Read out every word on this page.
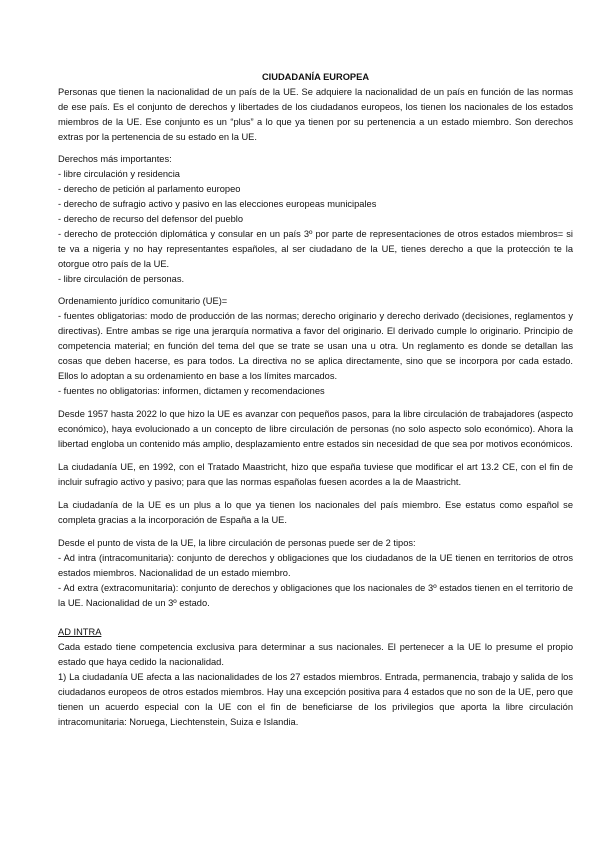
CIUDADANÍA EUROPEA

Personas que tienen la nacionalidad de un país de la UE. Se adquiere la nacionalidad de un país en función de las normas de ese país. Es el conjunto de derechos y libertades de los ciudadanos europeos, los tienen los nacionales de los estados miembros de la UE. Ese conjunto es un “plus” a lo que ya tienen por su pertenencia a un estado miembro. Son derechos extras por la pertenencia de su estado en la UE.

Derechos más importantes:

- libre circulación y residencia

- derecho de petición al parlamento europeo

- derecho de sufragio activo y pasivo en las elecciones europeas municipales

- derecho de recurso del defensor del pueblo

- derecho de protección diplomática y consular en un país 3º por parte de representaciones de otros estados miembros= si te va a nigeria y no hay representantes españoles, al ser ciudadano de la UE, tienes derecho a que la protección te la otorgue otro país de la UE.

- libre circulación de personas.

Ordenamiento jurídico comunitario (UE)=

- fuentes obligatorias: modo de producción de las normas; derecho originario y derecho derivado (decisiones, reglamentos y directivas). Entre ambas se rige una jerarquía normativa a favor del originario. El derivado cumple lo originario. Principio de competencia material; en función del tema del que se trate se usan una u otra. Un reglamento es donde se detallan las cosas que deben hacerse, es para todos. La directiva no se aplica directamente, sino que se incorpora por cada estado. Ellos lo adoptan a su ordenamiento en base a los límites marcados.

- fuentes no obligatorias: informen, dictamen y recomendaciones

Desde 1957 hasta 2022 lo que hizo la UE es avanzar con pequeños pasos, para la libre circulación de trabajadores (aspecto económico), haya evolucionado a un concepto de libre circulación de personas (no solo aspecto solo económico). Ahora la libertad engloba un contenido más amplio, desplazamiento entre estados sin necesidad de que sea por motivos económicos.

La ciudadanía UE, en 1992, con el Tratado Maastricht, hizo que españa tuviese que modificar el art 13.2 CE, con el fin de incluir sufragio activo y pasivo; para que las normas españolas fuesen acordes a la de Maastricht.

La ciudadanía de la UE es un plus a lo que ya tienen los nacionales del país miembro. Ese estatus como español se completa gracias a la incorporación de España a la UE.

Desde el punto de vista de la UE, la libre circulación de personas puede ser de 2 tipos:

- Ad intra (intracomunitaria): conjunto de derechos y obligaciones que los ciudadanos de la UE tienen en territorios de otros estados miembros. Nacionalidad de un estado miembro.

- Ad extra (extracomunitaria): conjunto de derechos y obligaciones que los nacionales de 3º estados tienen en el territorio de la UE. Nacionalidad de un 3º estado.

AD INTRA

Cada estado tiene competencia exclusiva para determinar a sus nacionales. El pertenecer a la UE lo presume el propio estado que haya cedido la nacionalidad.

1) La ciudadanía UE afecta a las nacionalidades de los 27 estados miembros. Entrada, permanencia, trabajo y salida de los ciudadanos europeos de otros estados miembros. Hay una excepción positiva para 4 estados que no son de la UE, pero que tienen un acuerdo especial con la UE con el fin de beneficiarse de los privilegios que aporta la libre circulación intracomunitaria: Noruega, Liechtenstein, Suiza e Islandia.
